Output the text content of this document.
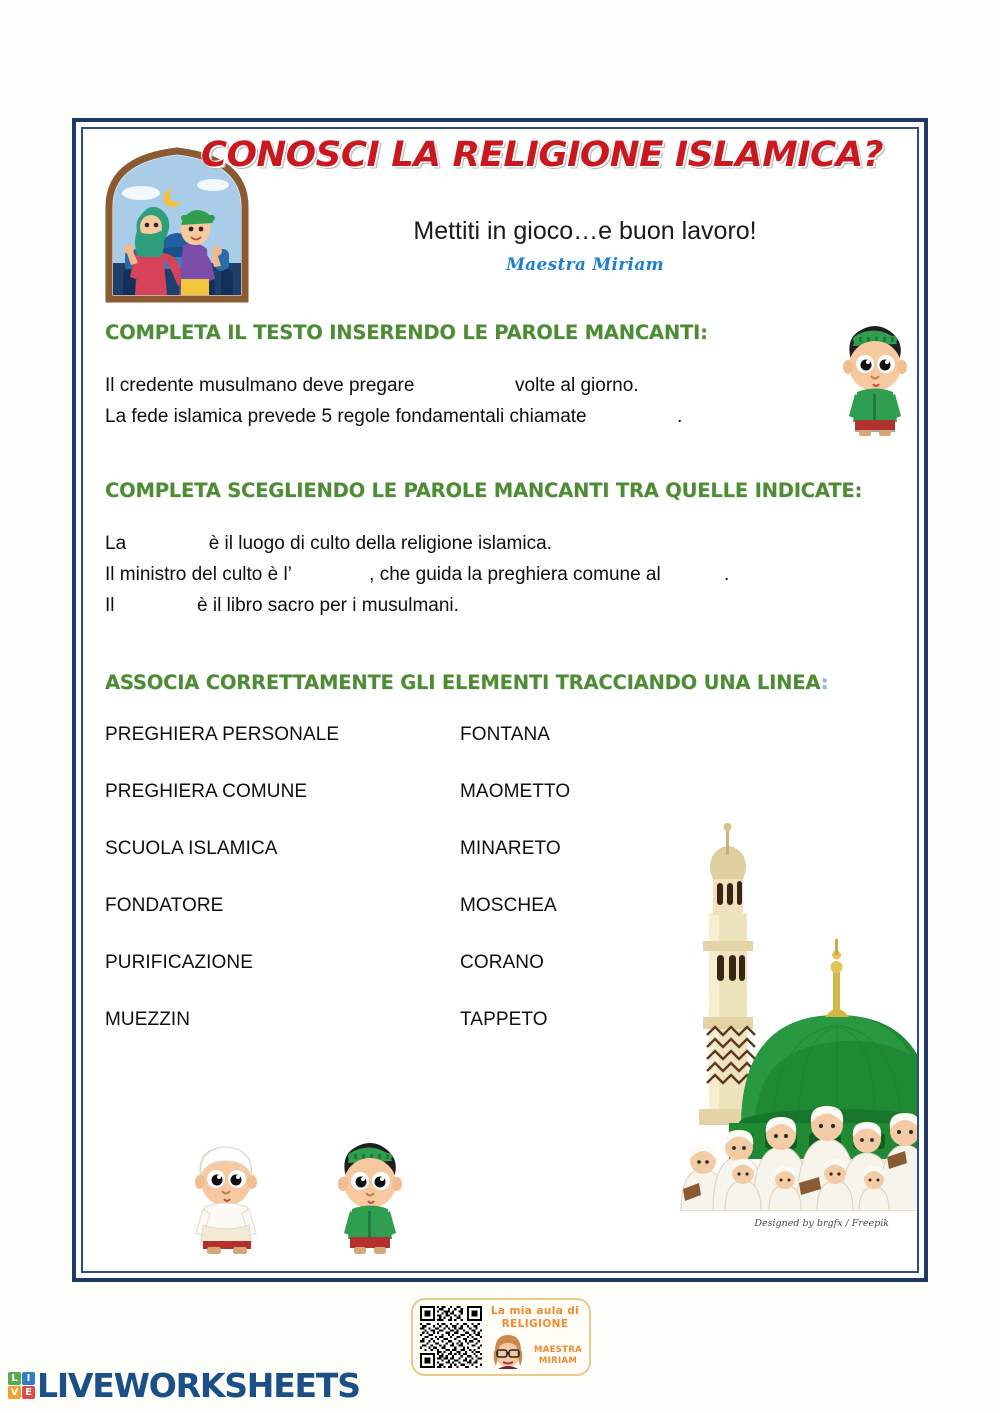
CONOSCI LA RELIGIONE ISLAMICA?
Mettiti in gioco…e buon lavoro!
Maestra Miriam
COMPLETA IL TESTO INSERENDO LE PAROLE MANCANTI:

Il credente musulmano deve pregare	volte al giorno.

La fede islamica prevede 5 regole fondamentali chiamate	.

COMPLETA SCEGLIENDO LE PAROLE MANCANTI TRA QUELLE INDICATE:

La	è il luogo di culto della religione islamica.

Il ministro del culto è l’	, che guida la preghiera comune al            .

Il	è il libro sacro per i musulmani.

ASSOCIA CORRETTAMENTE GLI ELEMENTI TRACCIANDO UNA LINEA:
PREGHIERA PERSONALE	FONTANA
PREGHIERA COMUNE	MAOMETTO
SCUOLA ISLAMICA	MINARETO
FONDATORE	MOSCHEA
PURIFICAZIONE	CORANO
MUEZZIN	TAPPETO
Designed by brgfx / Freepik
La mia aula di
RELIGIONE
MAESTRA
MIRIAM
L I
V E LIVEWORKSHEETS
